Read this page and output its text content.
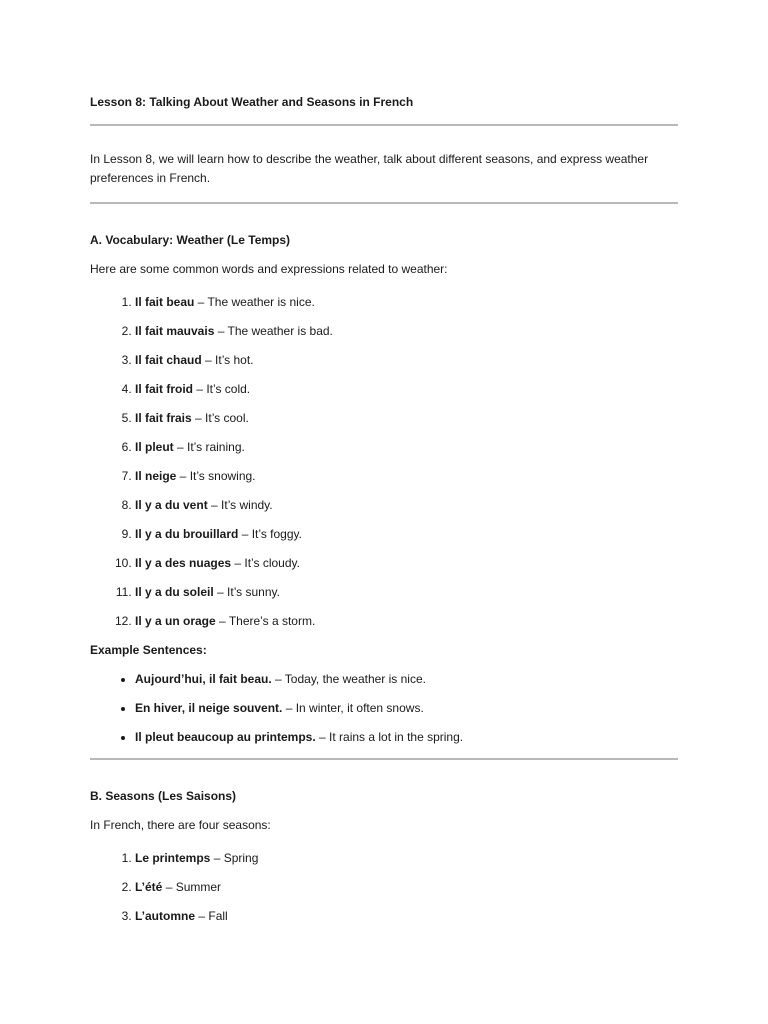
Lesson 8: Talking About Weather and Seasons in French
In Lesson 8, we will learn how to describe the weather, talk about different seasons, and express weather preferences in French.
A. Vocabulary: Weather (Le Temps)
Here are some common words and expressions related to weather:
1. Il fait beau – The weather is nice.
2. Il fait mauvais – The weather is bad.
3. Il fait chaud – It’s hot.
4. Il fait froid – It’s cold.
5. Il fait frais – It’s cool.
6. Il pleut – It’s raining.
7. Il neige – It’s snowing.
8. Il y a du vent – It’s windy.
9. Il y a du brouillard – It’s foggy.
10. Il y a des nuages – It’s cloudy.
11. Il y a du soleil – It’s sunny.
12. Il y a un orage – There’s a storm.
Example Sentences:
• Aujourd’hui, il fait beau. – Today, the weather is nice.
• En hiver, il neige souvent. – In winter, it often snows.
• Il pleut beaucoup au printemps. – It rains a lot in the spring.
B. Seasons (Les Saisons)
In French, there are four seasons:
1. Le printemps – Spring
2. L’été – Summer
3. L’automne – Fall
